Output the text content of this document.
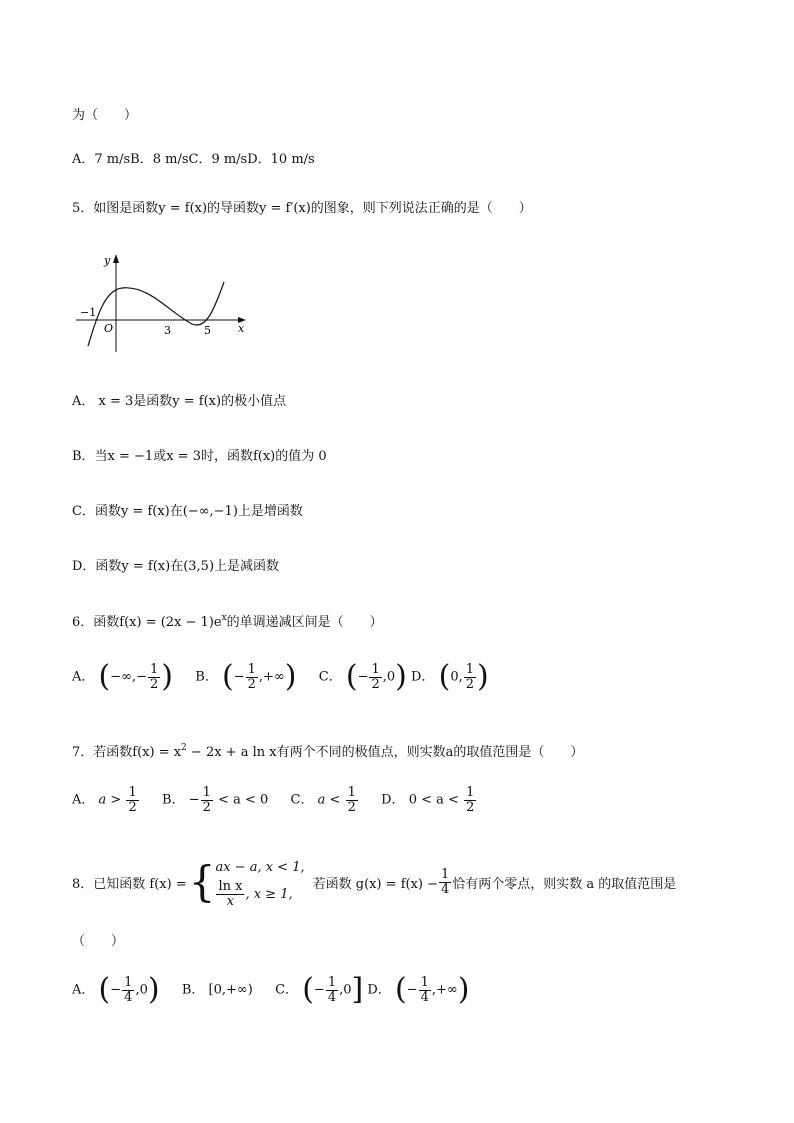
为（　　）
A．7 m/sB．8 m/sC．9 m/sD．10 m/s
5．如图是函数y = f(x)的导函数y = f′(x)的图象，则下列说法正确的是（　　）
y
x
O
−1
3	5
A． x = 3是函数y = f(x)的极小值点
B．当x = −1或x = 3时，函数f(x)的值为 0
C．函数y = f(x)在(−∞,−1)上是增函数
D．函数y = f(x)在(3,5)上是减函数
6．函数$f(x) = (2x - 1)e^x$的单调递减区间是（　　）
A． (−∞,− $\frac{1}{2}$ ) B． (− $\frac{1}{2}$ ,+∞) C． (− $\frac{1}{2} ,0$) D． (0, $\frac{1}{2}$ )
7．若函数$f(x) = x^2 - 2x + a$ ln x有两个不同的极值点，则实数a的取值范围是（　　）
A． $a > \frac{1}{2}$ B． − $\frac{1}{2} < a < 0$ C． $a < \frac{1}{2}$ D． $0 < a < \frac{1}{2}$
8．已知函数 f(x) = { ax − a, x < 1,
$\frac{\text{ln x}}{x}$ , x ≥ 1,
若函数 $g(x) = f(x) - \frac{1}{4}$ 恰有两个零点，则实数 a 的取值范围是
（　　）
A． (− $\frac{1}{4} ,0$) B． [0,+∞) C． (− $\frac{1}{4} ,0$] D． (− $\frac{1}{4}$ ,+∞)
